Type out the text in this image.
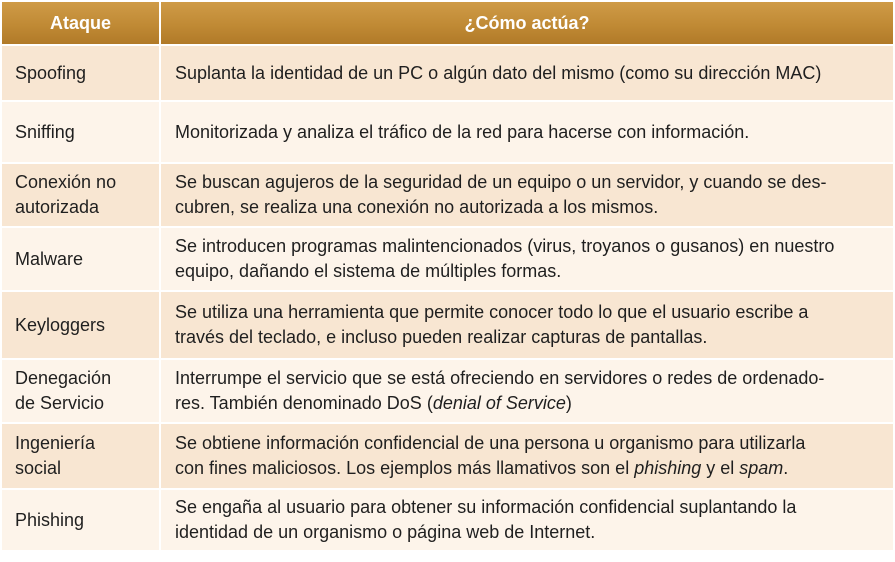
Ataque	¿Cómo actúa?

Spoofing	Suplanta la identidad de un PC o algún dato del mismo (como su dirección MAC)

Sniffing	Monitorizada y analiza el tráfico de la red para hacerse con información.

Conexión no
autorizada	Se buscan agujeros de la seguridad de un equipo o un servidor, y cuando se des-
cubren, se realiza una conexión no autorizada a los mismos.

Malware	Se introducen programas malintencionados (virus, troyanos o gusanos) en nuestro
equipo, dañando el sistema de múltiples formas.

Keyloggers	Se utiliza una herramienta que permite conocer todo lo que el usuario escribe a
través del teclado, e incluso pueden realizar capturas de pantallas.

Denegación
de Servicio	Interrumpe el servicio que se está ofreciendo en servidores o redes de ordenado-
res. También denominado DoS (denial of Service)

Ingeniería
social	Se obtiene información confidencial de una persona u organismo para utilizarla
con fines maliciosos. Los ejemplos más llamativos son el phishing y el spam.

Phishing	Se engaña al usuario para obtener su información confidencial suplantando la
identidad de un organismo o página web de Internet.
